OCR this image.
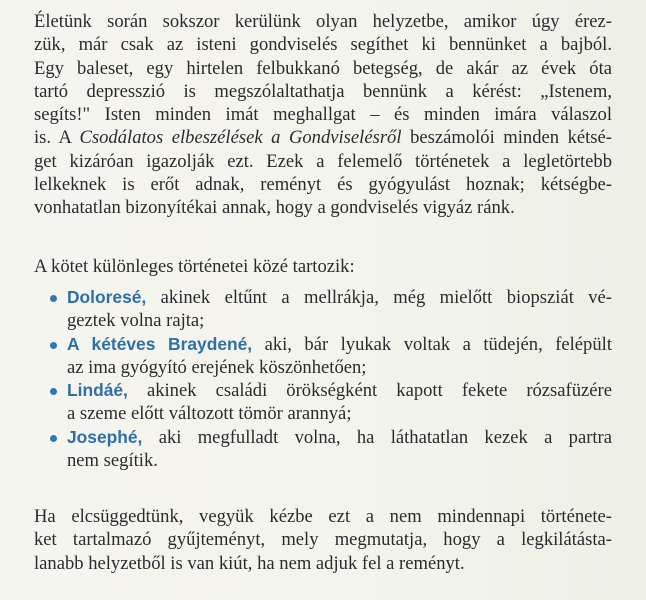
Életünk során sokszor kerülünk olyan helyzetbe, amikor úgy érez-
zük, már csak az isteni gondviselés segíthet ki bennünket a bajból.
Egy baleset, egy hirtelen felbukkanó betegség, de akár az évek óta
tartó depresszió is megszólaltathatja bennünk a kérést: „Istenem,
segíts!" Isten minden imát meghallgat – és minden imára válaszol
is. A Csodálatos elbeszélések a Gondviselésről beszámolói minden kétsé-
get kizáróan igazolják ezt. Ezek a felemelő történetek a legletörtebb
lelkeknek is erőt adnak, reményt és gyógyulást hoznak; kétségbe-
vonhatatlan bizonyítékai annak, hogy a gondviselés vigyáz ránk.
A kötet különleges történetei közé tartozik:
Doloresé, akinek eltűnt a mellrákja, még mielőtt biopsziát vé-
geztek volna rajta;
A kétéves Braydené, aki, bár lyukak voltak a tüdején, felépült
az ima gyógyító erejének köszönhetően;
Lindáé, akinek családi örökségként kapott fekete rózsafüzére
a szeme előtt változott tömör arannyá;
Josephé, aki megfulladt volna, ha láthatatlan kezek a partra
nem segítik.
Ha elcsüggedtünk, vegyük kézbe ezt a nem mindennapi története-
ket tartalmazó gyűjteményt, mely megmutatja, hogy a legkilátásta-
lanabb helyzetből is van kiút, ha nem adjuk fel a reményt.
